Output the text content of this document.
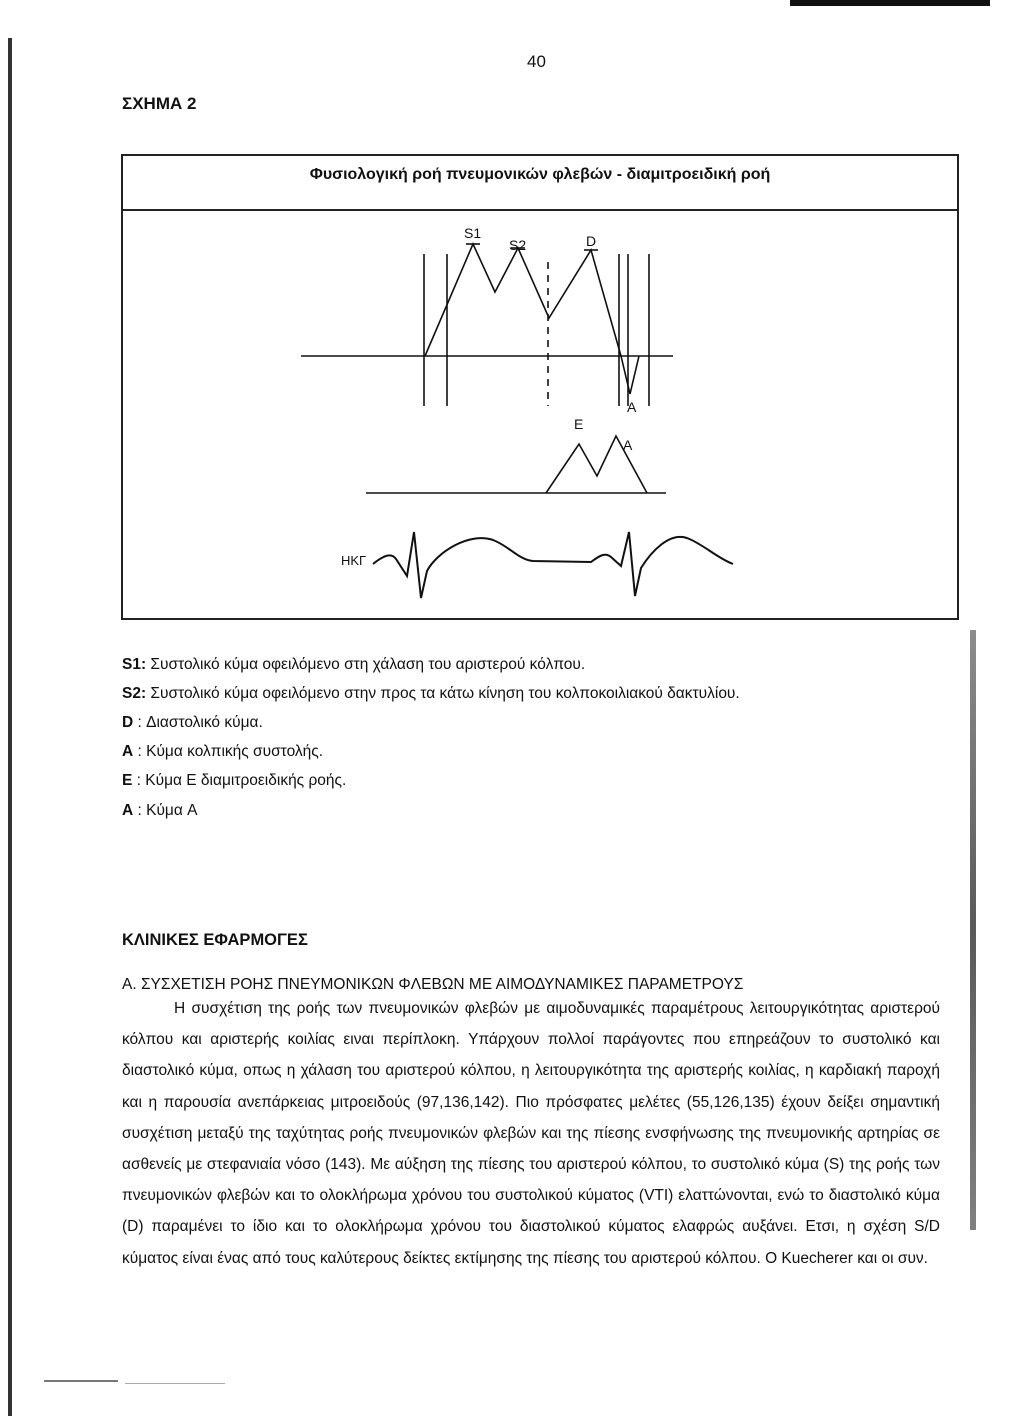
40
ΣΧΗΜΑ 2
Φυσιολογική ροή πνευμονικών φλεβών - διαμιτροειδική ροή
S1
S2	D
A
E
A
ΗΚΓ
S1: Συστολικό κύμα οφειλόμενο στη χάλαση του αριστερού κόλπου.
S2: Συστολικό κύμα οφειλόμενο στην προς τα κάτω κίνηση του κολποκοιλιακού δακτυλίου.
D : Διαστολικό κύμα.
A : Κύμα κολπικής συστολής.
E : Κύμα E διαμιτροειδικής ροής.
A : Κύμα A
ΚΛΙΝΙΚΕΣ ΕΦΑΡΜΟΓΕΣ
Α. ΣΥΣΧΕΤΙΣΗ ΡΟΗΣ ΠΝΕΥΜΟΝΙΚΩΝ ΦΛΕΒΩΝ ΜΕ ΑΙΜΟΔΥΝΑΜΙΚΕΣ ΠΑΡΑΜΕΤΡΟΥΣ
Η συσχέτιση της ροής των πνευμονικών φλεβών με αιμοδυναμικές παραμέτρους λειτουργικότητας αριστερού κόλπου και αριστερής κοιλίας ειναι περίπλοκη. Υπάρχουν πολλοί παράγοντες που επηρεάζουν το συστολικό και διαστολικό κύμα, οπως η χάλαση του αριστερού κόλπου, η λειτουργικότητα της αριστερής κοιλίας, η καρδιακή παροχή και η παρουσία ανεπάρκειας μιτροειδούς (97,136,142). Πιο πρόσφατες μελέτες (55,126,135) έχουν δείξει σημαντική συσχέτιση μεταξύ της ταχύτητας ροής πνευμονικών φλεβών και της πίεσης ενσφήνωσης της πνευμονικής αρτηρίας σε ασθενείς με στεφανιαία νόσο (143). Με αύξηση της πίεσης του αριστερού κόλπου, το συστολικό κύμα (S) της ροής των πνευμονικών φλεβών και το ολοκλήρωμα χρόνου του συστολικού κύματος (VTI) ελαττώνονται, ενώ το διαστολικό κύμα (D) παραμένει το ίδιο και το ολοκλήρωμα χρόνου του διαστολικού κύματος ελαφρώς αυξάνει. Ετσι, η σχέση S/D κύματος είναι ένας από τους καλύτερους δείκτες εκτίμησης της πίεσης του αριστερού κόλπου. Ο Kuecherer και οι συν.
